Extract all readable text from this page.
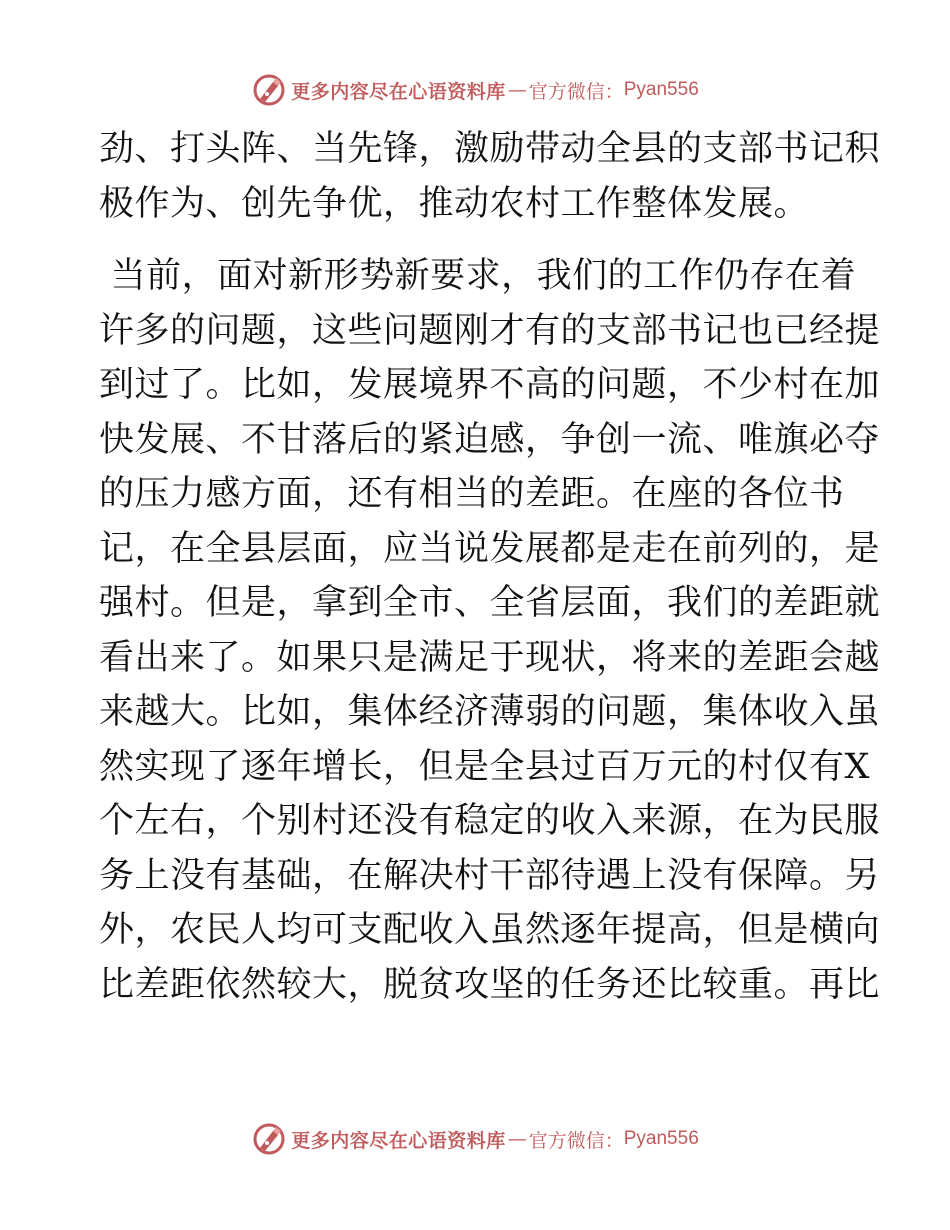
更多内容尽在心语资料库 — 官方微信： Pyan556
劲、打头阵、当先锋，激励带动全县的支部书记积
极作为、创先争优，推动农村工作整体发展。
当前，面对新形势新要求，我们的工作仍存在着
许多的问题，这些问题刚才有的支部书记也已经提
到过了。比如，发展境界不高的问题，不少村在加
快发展、不甘落后的紧迫感，争创一流、唯旗必夺
的压力感方面，还有相当的差距。在座的各位书
记，在全县层面，应当说发展都是走在前列的，是
强村。但是，拿到全市、全省层面，我们的差距就
看出来了。如果只是满足于现状，将来的差距会越
来越大。比如，集体经济薄弱的问题，集体收入虽
然实现了逐年增长，但是全县过百万元的村仅有X
个左右，个别村还没有稳定的收入来源，在为民服
务上没有基础，在解决村干部待遇上没有保障。另
外，农民人均可支配收入虽然逐年提高，但是横向
比差距依然较大，脱贫攻坚的任务还比较重。再比
更多内容尽在心语资料库 — 官方微信： Pyan556
